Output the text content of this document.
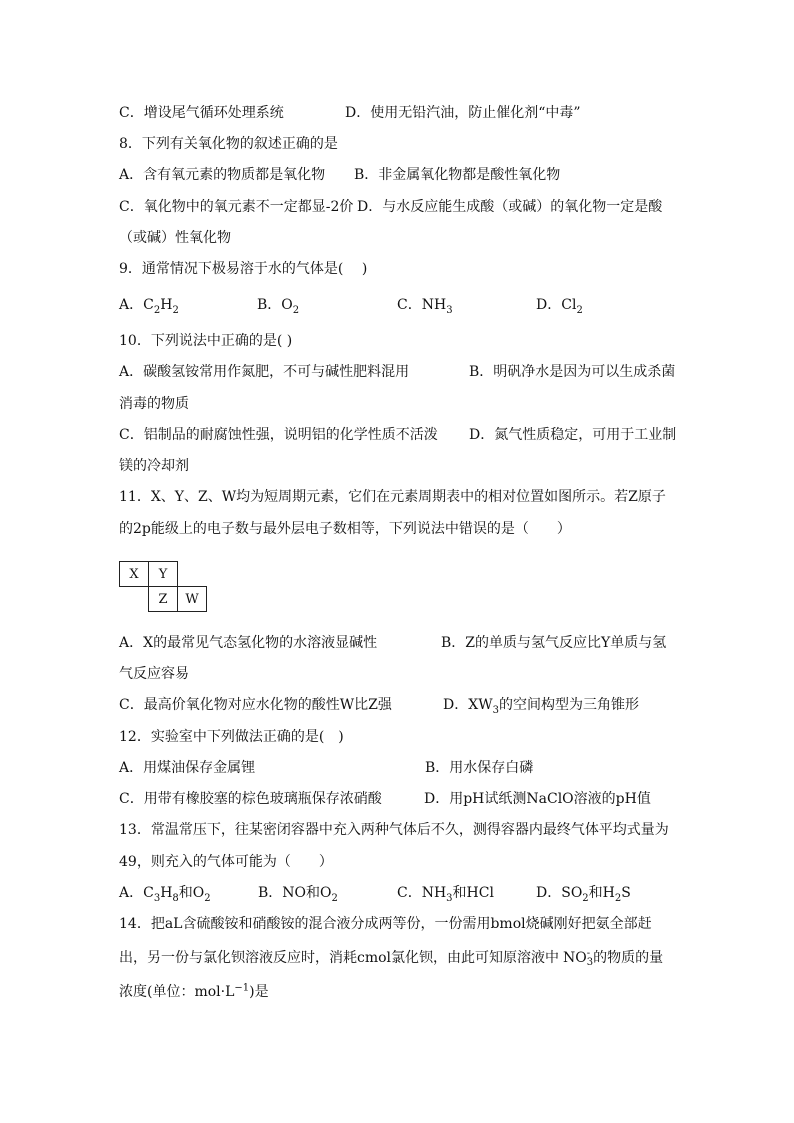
C．增设尾气循环处理系统	D．使用无铅汽油，防止催化剂“中毒”
8．下列有关氧化物的叙述正确的是
A．含有氧元素的物质都是氧化物 B．非金属氧化物都是酸性氧化物
C．氧化物中的氧元素不一定都显-2价 D．与水反应能生成酸（或碱）的氧化物一定是酸
（或碱）性氧化物
9．通常情况下极易溶于水的气体是(　 )
A．$C_2H_2$	B．$O_2$	C．$NH_3$	D．$Cl_2$
10．下列说法中正确的是( )
A．碳酸氢铵常用作氮肥，不可与碱性肥料混用	B．明矾净水是因为可以生成杀菌
消毒的物质
C．铝制品的耐腐蚀性强，说明铝的化学性质不活泼 D．氮气性质稳定，可用于工业制
镁的冷却剂
11．X、Y、Z、W均为短周期元素，它们在元素周期表中的相对位置如图所示。若Z原子
的2p能级上的电子数与最外层电子数相等，下列说法中错误的是（　　）
X	Y	
	Z	W
A．X的最常见气态氢化物的水溶液显碱性	B．Z的单质与氢气反应比Y单质与氢
气反应容易
C．最高价氧化物对应水化物的酸性W比Z强	D．$XW_3$的空间构型为三角锥形
12．实验室中下列做法正确的是(　)
A．用煤油保存金属锂	B．用水保存白磷
C．用带有橡胶塞的棕色玻璃瓶保存浓硝酸	D．用pH试纸测NaClO溶液的pH值
13．常温常压下，往某密闭容器中充入两种气体后不久，测得容器内最终气体平均式量为
49，则充入的气体可能为（　　）
A．$C_3H_8$和$O_2$	B．NO和$O_2$	C．$NH_3$和HCl	D．$SO_2$和$H_2S$
14．把aL含硫酸铵和硝酸铵的混合液分成两等份，一份需用bmol烧碱刚好把氨全部赶
出，另一份与氯化钡溶液反应时，消耗cmol氯化钡，由此可知原溶液中 NO -
3 的物质的量
浓度(单位：$mol\cdot L^{-1}$)是
